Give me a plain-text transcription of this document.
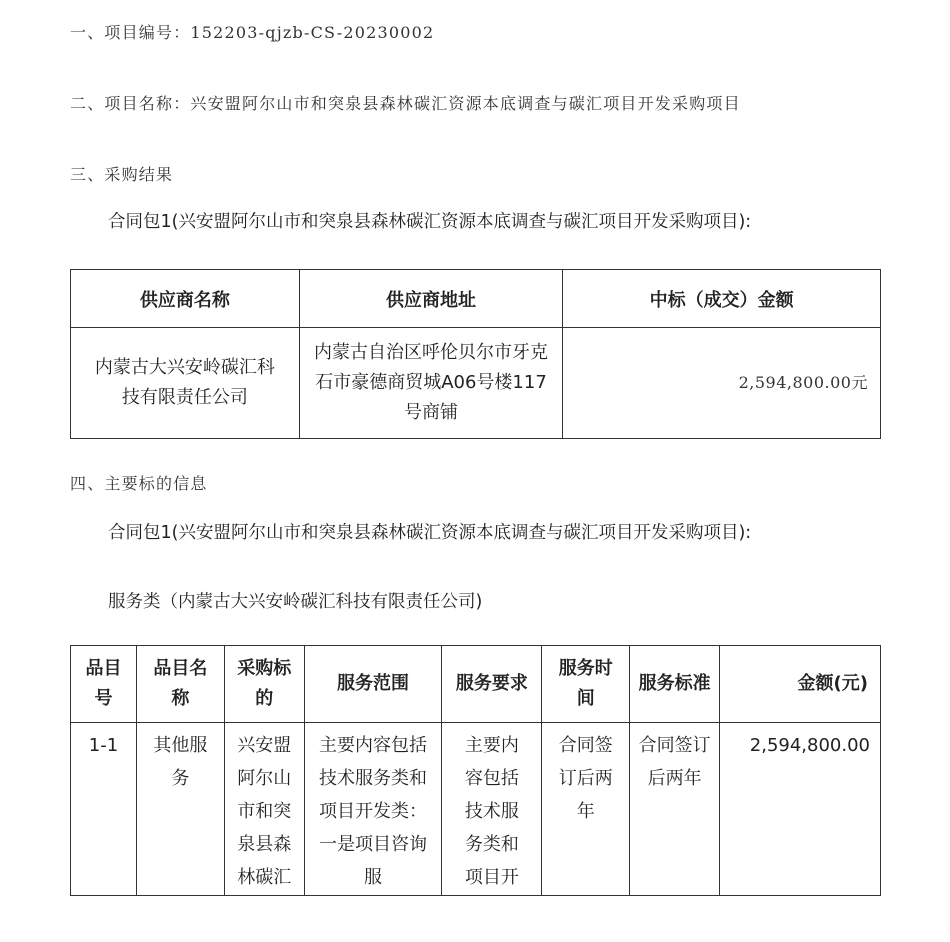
一、项目编号：152203-qjzb-CS-20230002
二、项目名称：兴安盟阿尔山市和突泉县森林碳汇资源本底调查与碳汇项目开发采购项目
三、采购结果
合同包1(兴安盟阿尔山市和突泉县森林碳汇资源本底调查与碳汇项目开发采购项目):
供应商名称	供应商地址	中标（成交）金额
内蒙古大兴安岭碳汇科技有限责任公司	内蒙古自治区呼伦贝尔市牙克石市豪德商贸城A06号楼117号商铺	2,594,800.00元
四、主要标的信息
合同包1(兴安盟阿尔山市和突泉县森林碳汇资源本底调查与碳汇项目开发采购项目):
服务类（内蒙古大兴安岭碳汇科技有限责任公司)
品目号	品目名称	采购标的	服务范围	服务要求	服务时间	服务标准	金额(元)
1-1	其他服务	兴安盟阿尔山市和突泉县森林碳汇	主要内容包括技术服务类和项目开发类：一是项目咨询服	主要内容包括技术服务类和项目开	合同签订后两年	合同签订后两年	2,594,800.00
